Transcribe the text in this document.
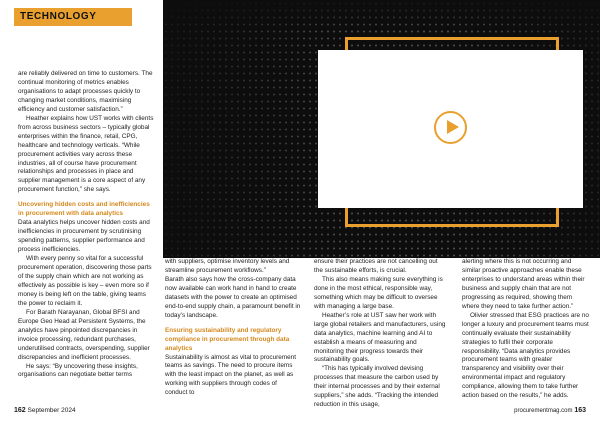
TECHNOLOGY

are reliably delivered on time to customers. The continual monitoring of metrics enables organisations to adapt processes quickly to changing market conditions, maximising efficiency and customer satisfaction.”

Heather explains how UST works with clients from across business sectors – typically global enterprises within the finance, retail, CPG, healthcare and technology verticals. “While procurement activities vary across these industries, all of course have procurement relationships and processes in place and supplier management is a core aspect of any procurement function,” she says.

Uncovering hidden costs and inefficiencies in procurement with data analytics

Data analytics helps uncover hidden costs and inefficiencies in procurement by scrutinising spending patterns, supplier performance and process inefficiencies.

With every penny so vital for a successful procurement operation, discovering those parts of the supply chain which are not working as effectively as possible is key – even more so if money is being left on the table, giving teams the power to reclaim it.

For Barath Narayanan, Global BFSI and Europe Geo Head at Persistent Systems, the analytics have pinpointed discrepancies in invoice processing, redundant purchases, underutilised contracts, overspending, supplier discrepancies and inefficient processes.

He says: “By uncovering these insights, organisations can negotiate better terms

with suppliers, optimise inventory levels and streamline procurement workflows.”

Barath also says how the cross-company data now available can work hand in hand to create datasets with the power to create an optimised end-to-end supply chain, a paramount benefit in today’s landscape.

Ensuring sustainability and regulatory compliance in procurement through data analytics

Sustainability is almost as vital to procurement teams as savings. The need to procure items with the least impact on the planet, as well as working with suppliers through codes of conduct to

ensure their practices are not cancelling out the sustainable efforts, is crucial.

This also means making sure everything is done in the most ethical, responsible way, something which may be difficult to oversee with managing a large base.

Heather’s role at UST saw her work with large global retailers and manufacturers, using data analytics, machine learning and AI to establish a means of measuring and monitoring their progress towards their sustainability goals.

“This has typically involved devising processes that measure the carbon used by their internal processes and by their external suppliers,” she adds. “Tracking the intended reduction in this usage,

alerting where this is not occurring and similar proactive approaches enable these enterprises to understand areas within their business and supply chain that are not progressing as required, showing them where they need to take further action.”

Olivier stressed that ESG practices are no longer a luxury and procurement teams must continually evaluate their sustainability strategies to fulfil their corporate responsibility. “Data analytics provides procurement teams with greater transparency and visibility over their environmental impact and regulatory compliance, allowing them to take further action based on the results,” he adds.

162 September 2024	procurementmag.com 163
